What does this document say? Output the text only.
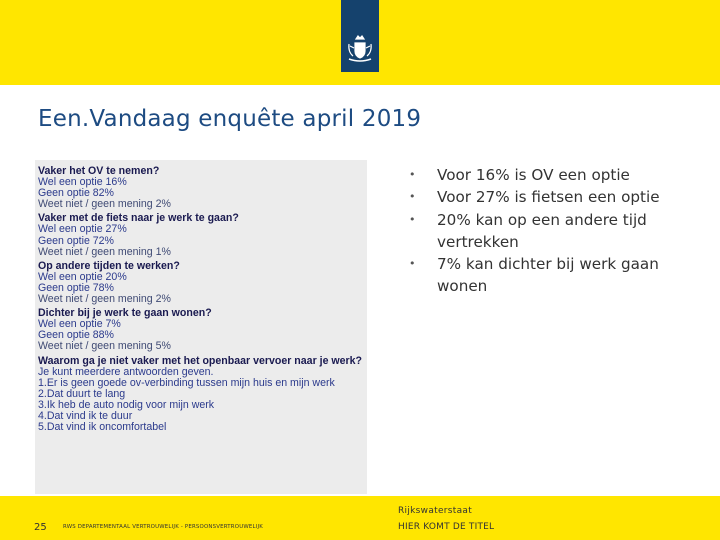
Een.Vandaag enquête april 2019
Vaker het OV te nemen?
Wel een optie 16%
Geen optie 82%
Weet niet / geen mening 2%
Vaker met de fiets naar je werk te gaan?
Wel een optie 27%
Geen optie 72%
Weet niet / geen mening 1%
Op andere tijden te werken?
Wel een optie 20%
Geen optie 78%
Weet niet / geen mening 2%
Dichter bij je werk te gaan wonen?
Wel een optie 7%
Geen optie 88%
Weet niet / geen mening 5%
Waarom ga je niet vaker met het openbaar vervoer naar je werk?
Je kunt meerdere antwoorden geven.
1.Er is geen goede ov-verbinding tussen mijn huis en mijn werk
2.Dat duurt te lang
3.Ik heb de auto nodig voor mijn werk
4.Dat vind ik te duur
5.Dat vind ik oncomfortabel
• Voor 16% is OV een optie
• Voor 27% is fietsen een optie
• 20% kan op een andere tijd vertrekken
• 7% kan dichter bij werk gaan wonen
25	RWS DEPARTEMENTAAL VERTROUWELIJK - PERSOONSVERTROUWELIJK
Rijkswaterstaat
HIER KOMT DE TITEL
